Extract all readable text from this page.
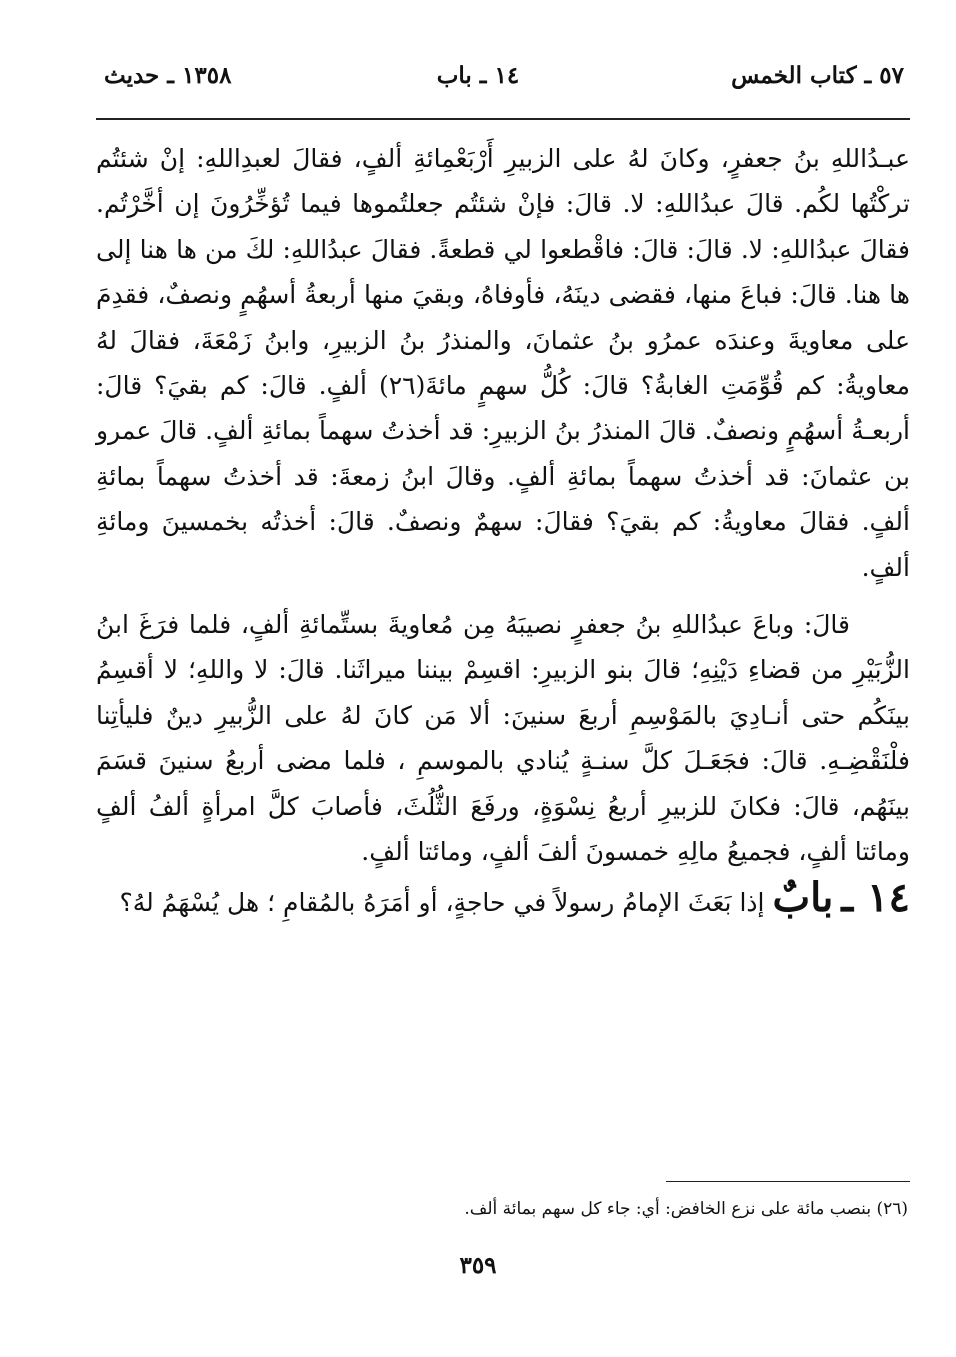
٥٧ ـ كتاب الخمس
١٤ ـ باب
١٣٥٨ ـ حديث

عبـدُاللهِ بنُ جعفرٍ، وكانَ لهُ على الزبيرِ أَرْبَعْمِائةِ ألفٍ، فقالَ لعبدِاللهِ: إنْ شئتُم تركْتُها لكُم. قالَ عبدُاللهِ: لا. قالَ: فإنْ شئتُم جعلتُموها فيما تُؤخِّرُونَ إن أخَّرْتُم. فقالَ عبدُاللهِ: لا. قالَ: قالَ: فاقْطعوا لي قطعةً. فقالَ عبدُاللهِ: لكَ من ها هنا إلى ها هنا. قالَ: فباعَ منها، فقضى دينَهُ، فأوفاهُ، وبقيَ منها أربعةُ أسهُمٍ ونصفٌ، فقدِمَ على معاويةَ وعندَه عمرُو بنُ عثمانَ، والمنذرُ بنُ الزبيرِ، وابنُ زَمْعَةَ، فقالَ لهُ معاويةُ: كم قُوِّمَتِ الغابةُ؟ قالَ: كُلُّ سهمٍ مائةَ(٢٦) ألفٍ. قالَ: كم بقيَ؟ قالَ: أربعـةُ أسهُمٍ ونصفٌ. قالَ المنذرُ بنُ الزبيرِ: قد أخذتُ سهماً بمائةِ ألفٍ. قالَ عمرو بن عثمانَ: قد أخذتُ سهماً بمائةِ ألفٍ. وقالَ ابنُ زمعةَ: قد أخذتُ سهماً بمائةِ ألفٍ. فقالَ معاويةُ: كم بقيَ؟ فقالَ: سهمٌ ونصفٌ. قالَ: أخذتُه بخمسينَ ومائةِ ألفٍ.

قالَ: وباعَ عبدُاللهِ بنُ جعفرٍ نصيبَهُ مِن مُعاويةَ بستِّمائةِ ألفٍ، فلما فرَغَ ابنُ الزُّبَيْرِ من قضاءِ دَيْنِهِ؛ قالَ بنو الزبيرِ: اقسِمْ بيننا ميراثَنا. قالَ: لا واللهِ؛ لا أقسِمُ بينَكُم حتى أنـادِيَ بالمَوْسِمِ أربعَ سنينَ: ألا مَن كانَ لهُ على الزُّبيرِ دينٌ فليأتِنا فلْنَقْضِـهِ. قالَ: فجَعَـلَ كلَّ سنـةٍ يُنادي بالموسمِ ، فلما مضى أربعُ سنينَ قسَمَ بينَهُم، قالَ: فكانَ للزبيرِ أربعُ نِسْوَةٍ، ورفَعَ الثُّلُثَ، فأصابَ كلَّ امرأةٍ ألفُ ألفٍ ومائتا ألفٍ، فجميعُ مالِهِ خمسونَ ألفَ ألفٍ، ومائتا ألفٍ.

١٤ ـ بابٌ إذا بَعَثَ الإمامُ رسولاً في حاجةٍ، أو أمَرَهُ بالمُقامِ ؛ هل يُسْهَمُ لهُ؟

(٢٦) بنصب مائة على نزع الخافض: أي: جاء كل سهم بمائة ألف.
٣٥٩
